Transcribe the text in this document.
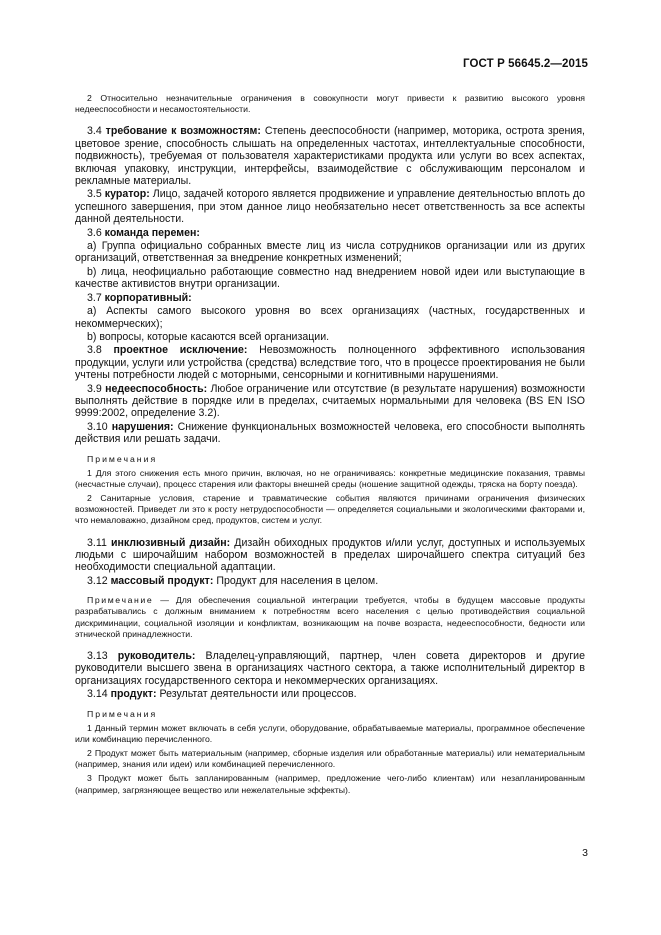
ГОСТ Р 56645.2—2015

2 Относительно незначительные ограничения в совокупности могут привести к развитию высокого уровня недееспособности и несамостоятельности.

3.4 требование к возможностям: Степень дееспособности (например, моторика, острота зрения, цветовое зрение, способность слышать на определенных частотах, интеллектуальные способности, подвижность), требуемая от пользователя характеристиками продукта или услуги во всех аспектах, включая упаковку, инструкции, интерфейсы, взаимодействие с обслуживающим персоналом и рекламные материалы.

3.5 куратор: Лицо, задачей которого является продвижение и управление деятельностью вплоть до успешного завершения, при этом данное лицо необязательно несет ответственность за все аспекты данной деятельности.

3.6 команда перемен:

а) Группа официально собранных вместе лиц из числа сотрудников организации или из других организаций, ответственная за внедрение конкретных изменений;

b) лица, неофициально работающие совместно над внедрением новой идеи или выступающие в качестве активистов внутри организации.

3.7 корпоративный:

а) Аспекты самого высокого уровня во всех организациях (частных, государственных и некоммерческих);

b) вопросы, которые касаются всей организации.

3.8 проектное исключение: Невозможность полноценного эффективного использования продукции, услуги или устройства (средства) вследствие того, что в процессе проектирования не были учтены потребности людей с моторными, сенсорными и когнитивными нарушениями.

3.9 недееспособность: Любое ограничение или отсутствие (в результате нарушения) возможности выполнять действие в порядке или в пределах, считаемых нормальными для человека (BS EN ISO 9999:2002, определение 3.2).

3.10 нарушения: Снижение функциональных возможностей человека, его способности выполнять действия или решать задачи.

Примечания

1 Для этого снижения есть много причин, включая, но не ограничиваясь: конкретные медицинские показания, травмы (несчастные случаи), процесс старения или факторы внешней среды (ношение защитной одежды, тряска на борту поезда).

2 Санитарные условия, старение и травматические события являются причинами ограничения физических возможностей. Приведет ли это к росту нетрудоспособности — определяется социальными и экологическими факторами и, что немаловажно, дизайном сред, продуктов, систем и услуг.

3.11 инклюзивный дизайн: Дизайн обиходных продуктов и/или услуг, доступных и используемых людьми с широчайшим набором возможностей в пределах широчайшего спектра ситуаций без необходимости специальной адаптации.

3.12 массовый продукт: Продукт для населения в целом.

Примечание — Для обеспечения социальной интеграции требуется, чтобы в будущем массовые продукты разрабатывались с должным вниманием к потребностям всего населения с целью противодействия социальной дискриминации, социальной изоляции и конфликтам, возникающим на почве возраста, недееспособности, бедности или этнической принадлежности.

3.13 руководитель: Владелец-управляющий, партнер, член совета директоров и другие руководители высшего звена в организациях частного сектора, а также исполнительный директор в организациях государственного сектора и некоммерческих организациях.

3.14 продукт: Результат деятельности или процессов.

Примечания

1 Данный термин может включать в себя услуги, оборудование, обрабатываемые материалы, программное обеспечение или комбинацию перечисленного.

2 Продукт может быть материальным (например, сборные изделия или обработанные материалы) или нематериальным (например, знания или идеи) или комбинацией перечисленного.

3 Продукт может быть запланированным (например, предложение чего-либо клиентам) или незапланированным (например, загрязняющее вещество или нежелательные эффекты).

3
